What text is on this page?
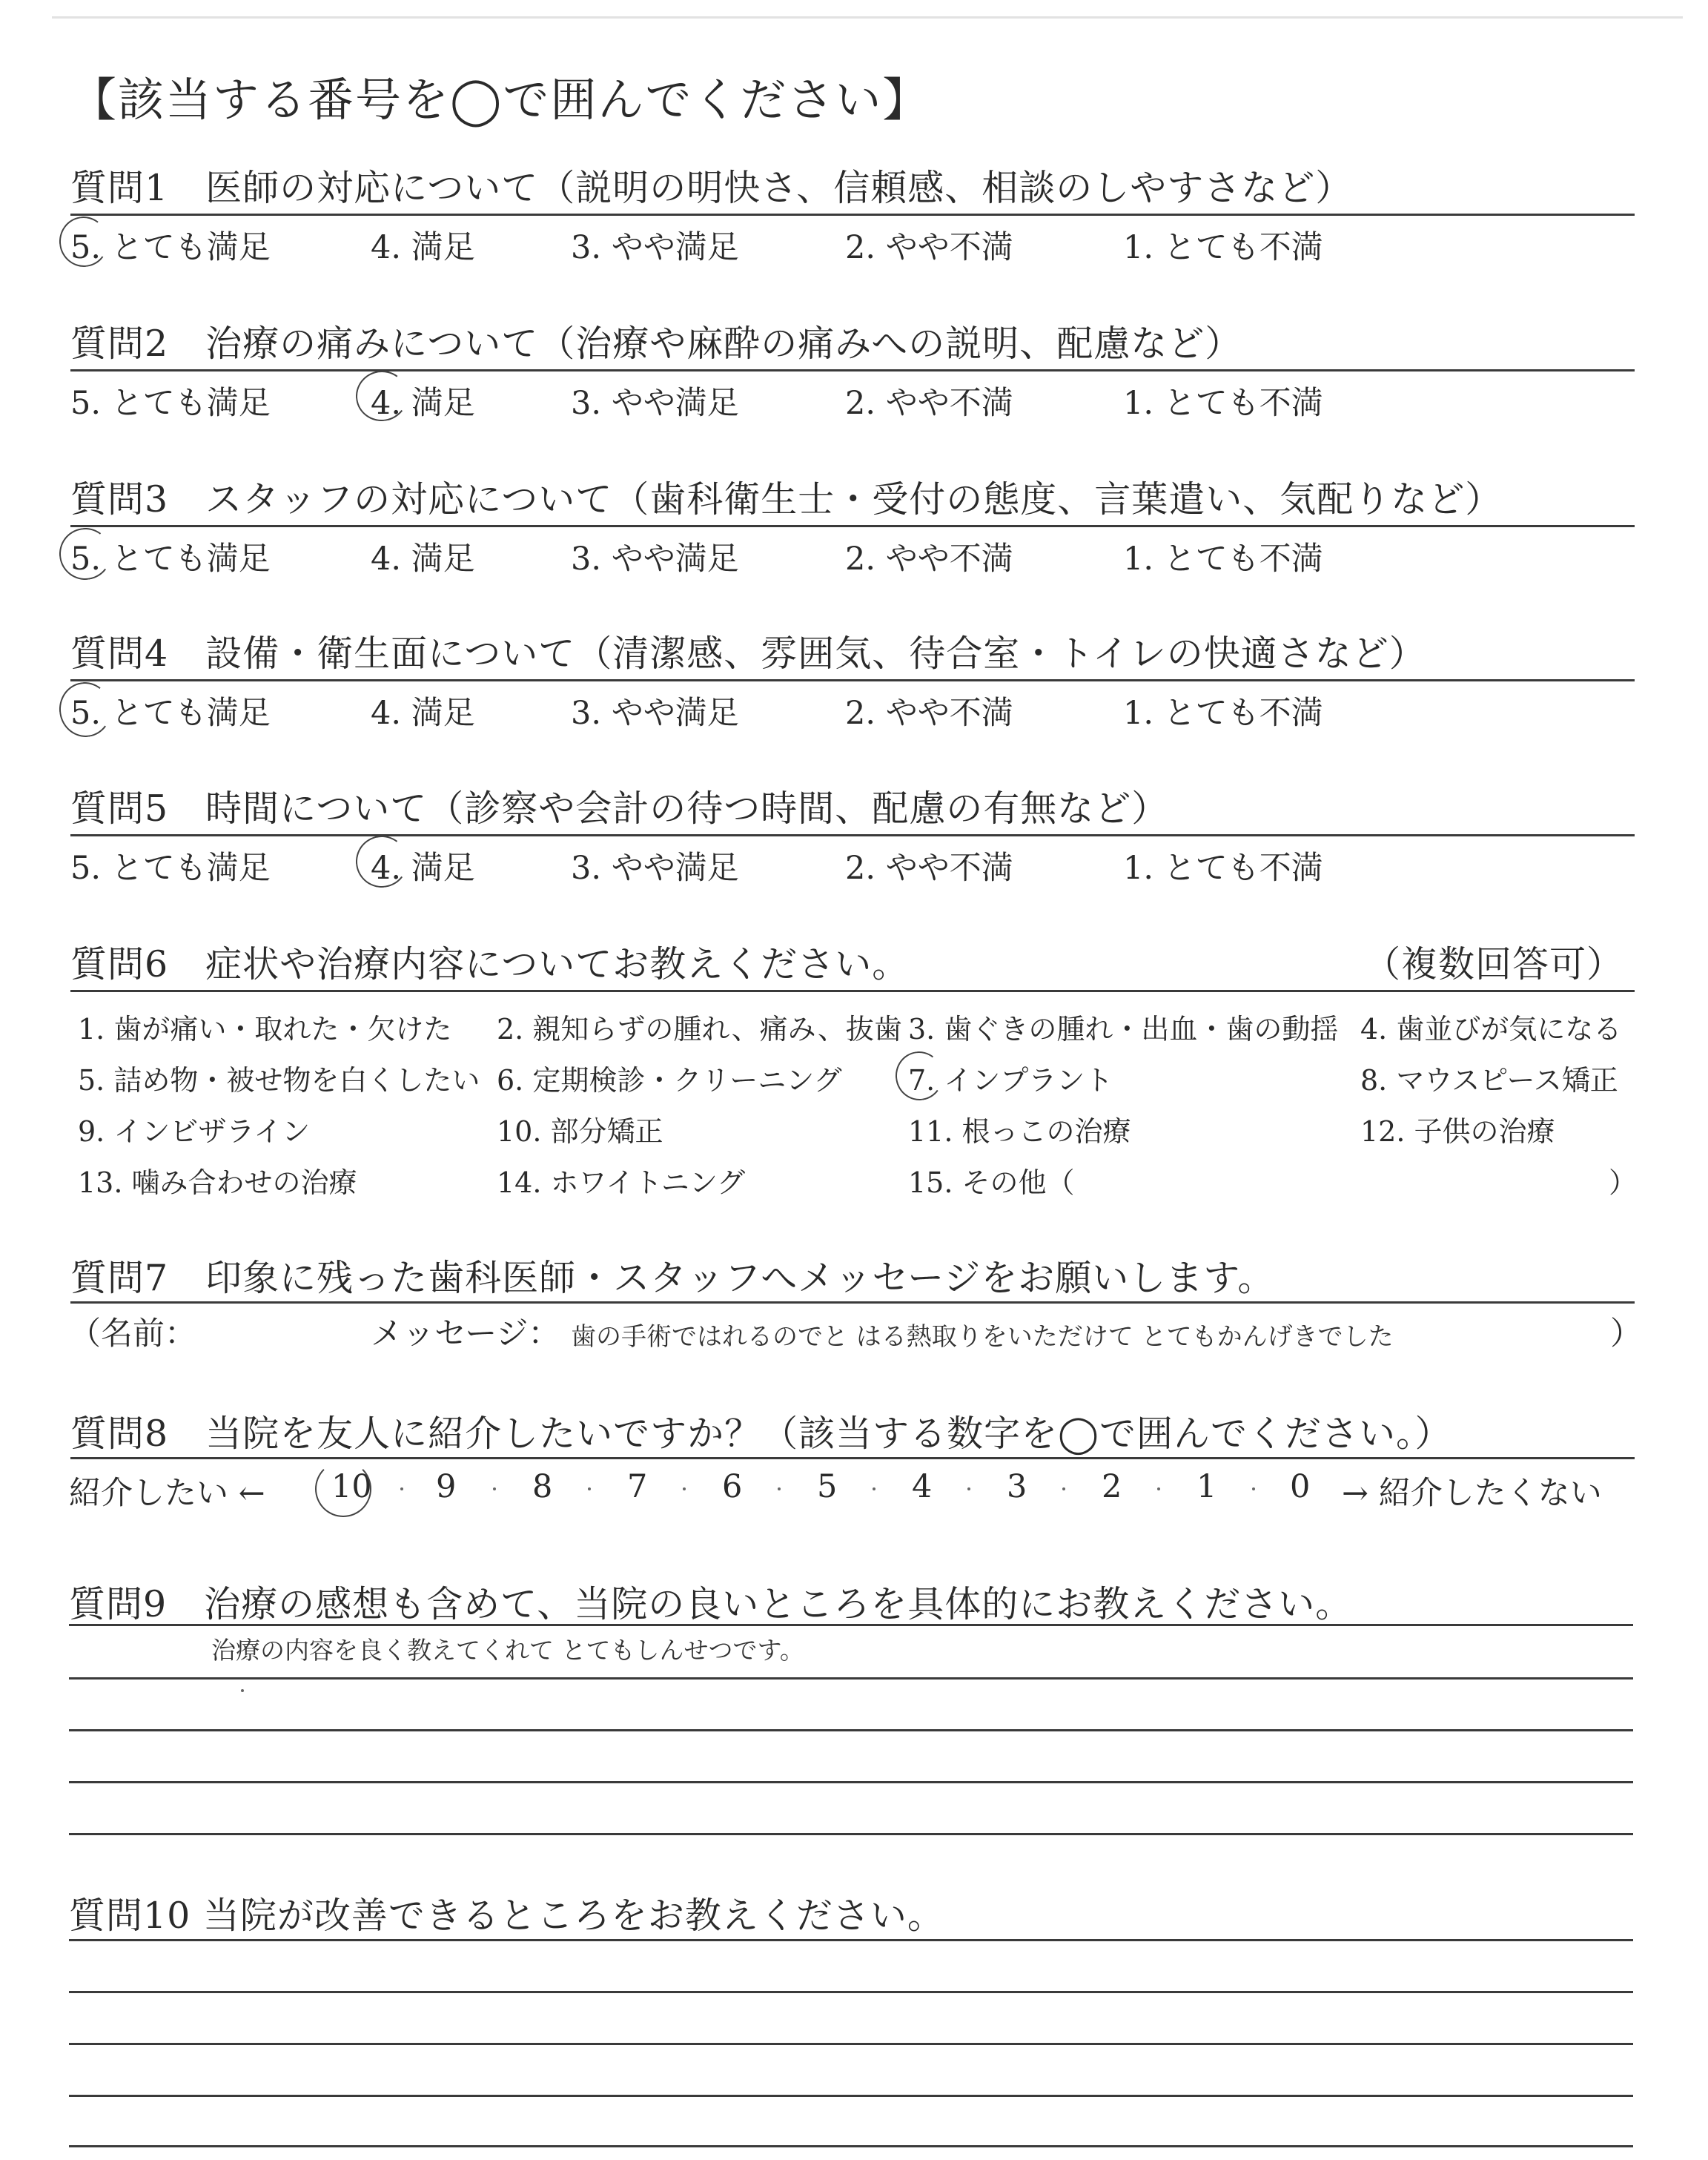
【該当する番号を◯で囲んでください】
質問1　医師の対応について（説明の明快さ、信頼感、相談のしやすさなど）
5. とても満足	4. 満足	3. やや満足	2. やや不満	1. とても不満
質問2　治療の痛みについて（治療や麻酔の痛みへの説明、配慮など）
5. とても満足	4. 満足	3. やや満足	2. やや不満	1. とても不満
質問3　スタッフの対応について（歯科衛生士・受付の態度、言葉遣い、気配りなど）
5. とても満足	4. 満足	3. やや満足	2. やや不満	1. とても不満
質問4　設備・衛生面について（清潔感、雰囲気、待合室・トイレの快適さなど）
5. とても満足	4. 満足	3. やや満足	2. やや不満	1. とても不満
質問5　時間について（診察や会計の待つ時間、配慮の有無など）
5. とても満足	4. 満足	3. やや満足	2. やや不満	1. とても不満
質問6　症状や治療内容についてお教えください。	（複数回答可）
1. 歯が痛い・取れた・欠けた 2. 親知らずの腫れ、痛み、抜歯 3. 歯ぐきの腫れ・出血・歯の動揺 4. 歯並びが気になる
5. 詰め物・被せ物を白くしたい 6. 定期検診・クリーニング 7. インプラント	8. マウスピース矯正
9. インビザライン	10. 部分矯正	11. 根っこの治療	12. 子供の治療
13. 噛み合わせの治療	14. ホワイトニング	15. その他（	）
質問7　印象に残った歯科医師・スタッフへメッセージをお願いします。
（名前：	メッセージ： 歯の手術ではれるのでと はる熱取りをいただけて とてもかんげきでした	）
質問8　当院を友人に紹介したいですか？（該当する数字を◯で囲んでください。）
紹介したい ← 10 9 8 7 6 5 4 3 2 1 0 → 紹介したくない
質問9　治療の感想も含めて、当院の良いところを具体的にお教えください。
治療の内容を良く教えてくれて とてもしんせつです。
質問10 当院が改善できるところをお教えください。
